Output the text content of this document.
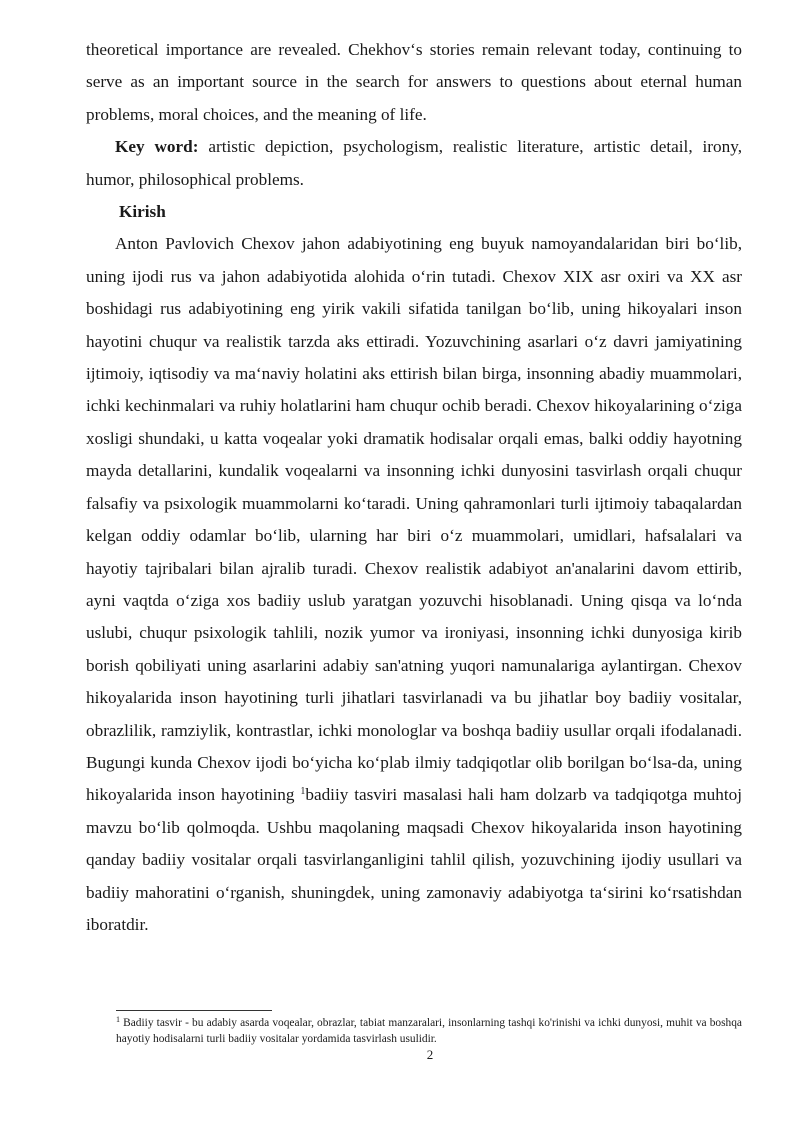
theoretical importance are revealed. Chekhov‘s stories remain relevant today, continuing to serve as an important source in the search for answers to questions about eternal human problems, moral choices, and the meaning of life.

Key word: artistic depiction, psychologism, realistic literature, artistic detail, irony, humor, philosophical problems.

Kirish

Anton Pavlovich Chexov jahon adabiyotining eng buyuk namoyandalaridan biri bo‘lib, uning ijodi rus va jahon adabiyotida alohida o‘rin tutadi. Chexov XIX asr oxiri va XX asr boshidagi rus adabiyotining eng yirik vakili sifatida tanilgan bo‘lib, uning hikoyalari inson hayotini chuqur va realistik tarzda aks ettiradi. Yozuvchining asarlari o‘z davri jamiyatining ijtimoiy, iqtisodiy va ma‘naviy holatini aks ettirish bilan birga, insonning abadiy muammolari, ichki kechinmalari va ruhiy holatlarini ham chuqur ochib beradi. Chexov hikoyalarining o‘ziga xosligi shundaki, u katta voqealar yoki dramatik hodisalar orqali emas, balki oddiy hayotning mayda detallarini, kundalik voqealarni va insonning ichki dunyosini tasvirlash orqali chuqur falsafiy va psixologik muammolarni ko‘taradi. Uning qahramonlari turli ijtimoiy tabaqalardan kelgan oddiy odamlar bo‘lib, ularning har biri o‘z muammolari, umidlari, hafsalalari va hayotiy tajribalari bilan ajralib turadi. Chexov realistik adabiyot an'analarini davom ettirib, ayni vaqtda o‘ziga xos badiiy uslub yaratgan yozuvchi hisoblanadi. Uning qisqa va lo‘nda uslubi, chuqur psixologik tahlili, nozik yumor va ironiyasi, insonning ichki dunyosiga kirib borish qobiliyati uning asarlarini adabiy san'atning yuqori namunalariga aylantirgan. Chexov hikoyalarida inson hayotining turli jihatlari tasvirlanadi va bu jihatlar boy badiiy vositalar, obrazlilik, ramziylik, kontrastlar, ichki monologlar va boshqa badiiy usullar orqali ifodalanadi. Bugungi kunda Chexov ijodi bo‘yicha ko‘plab ilmiy tadqiqotlar olib borilgan bo‘lsa-da, uning hikoyalarida inson hayotining $^1$badiiy tasviri masalasi hali ham dolzarb va tadqiqotga muhtoj mavzu bo‘lib qolmoqda. Ushbu maqolaning maqsadi Chexov hikoyalarida inson hayotining qanday badiiy vositalar orqali tasvirlanganligini tahlil qilish, yozuvchining ijodiy usullari va badiiy mahoratini o‘rganish, shuningdek, uning zamonaviy adabiyotga ta‘sirini ko‘rsatishdan iboratdir.

$^1$ Badiiy tasvir - bu adabiy asarda voqealar, obrazlar, tabiat manzaralari, insonlarning tashqi ko'rinishi va ichki dunyosi, muhit va boshqa hayotiy hodisalarni turli badiiy vositalar yordamida tasvirlash usulidir.
2
